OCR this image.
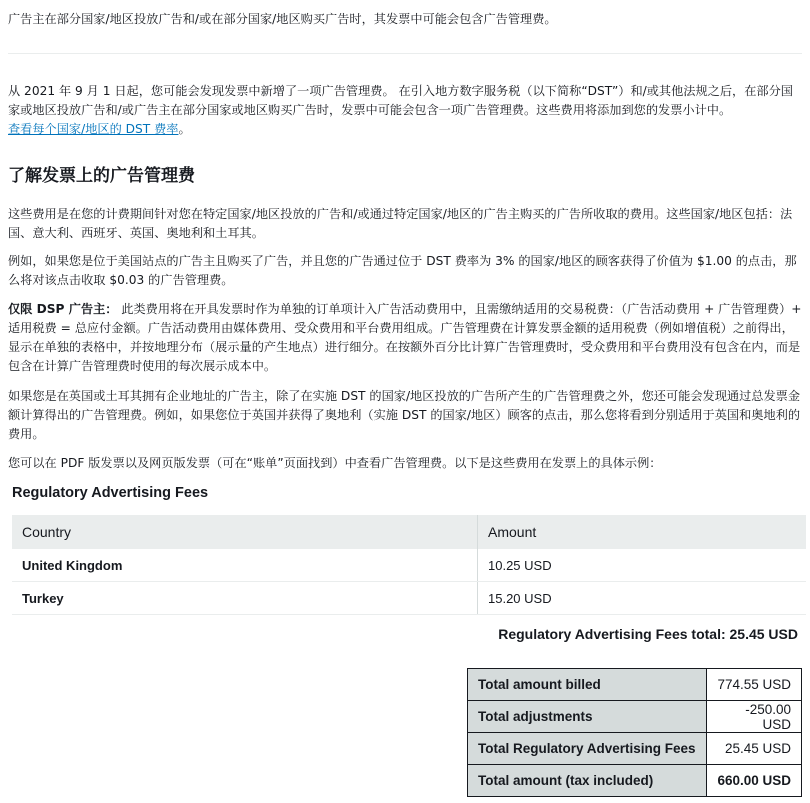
广告主在部分国家/地区投放广告和/或在部分国家/地区购买广告时，其发票中可能会包含广告管理费。

从 2021 年 9 月 1 日起，您可能会发现发票中新增了一项广告管理费。 在引入地方数字服务税（以下简称“DST”）和/或其他法规之后，在部分国家或地区投放广告和/或广告主在部分国家或地区购买广告时，发票中可能会包含一项广告管理费。这些费用将添加到您的发票小计中。
查看每个国家/地区的 DST 费率。

了解发票上的广告管理费

这些费用是在您的计费期间针对您在特定国家/地区投放的广告和/或通过特定国家/地区的广告主购买的广告所收取的费用。这些国家/地区包括：法国、意大利、西班牙、英国、奥地利和土耳其。

例如，如果您是位于美国站点的广告主且购买了广告，并且您的广告通过位于 DST 费率为 3% 的国家/地区的顾客获得了价值为 $1.00 的点击，那么将对该点击收取 $0.03 的广告管理费。

仅限 DSP 广告主： 此类费用将在开具发票时作为单独的订单项计入广告活动费用中，且需缴纳适用的交易税费：（广告活动费用 + 广告管理费）+ 适用税费 = 总应付金额。广告活动费用由媒体费用、受众费用和平台费用组成。广告管理费在计算发票金额的适用税费（例如增值税）之前得出，显示在单独的表格中，并按地理分布（展示量的产生地点）进行细分。在按额外百分比计算广告管理费时，受众费用和平台费用没有包含在内，而是包含在计算广告管理费时使用的每次展示成本中。

如果您是在英国或土耳其拥有企业地址的广告主，除了在实施 DST 的国家/地区投放的广告所产生的广告管理费之外，您还可能会发现通过总发票金额计算得出的广告管理费。例如，如果您位于英国并获得了奥地利（实施 DST 的国家/地区）顾客的点击，那么您将看到分别适用于英国和奥地利的费用。

您可以在 PDF 版发票以及网页版发票（可在“账单”页面找到）中查看广告管理费。以下是这些费用在发票上的具体示例：

Regulatory Advertising Fees

Country	Amount
United Kingdom	10.25 USD
Turkey	15.20 USD

Regulatory Advertising Fees total: 25.45 USD

Total amount billed	774.55 USD
Total adjustments	-250.00 USD
Total Regulatory Advertising Fees	25.45 USD
Total amount (tax included)	660.00 USD
